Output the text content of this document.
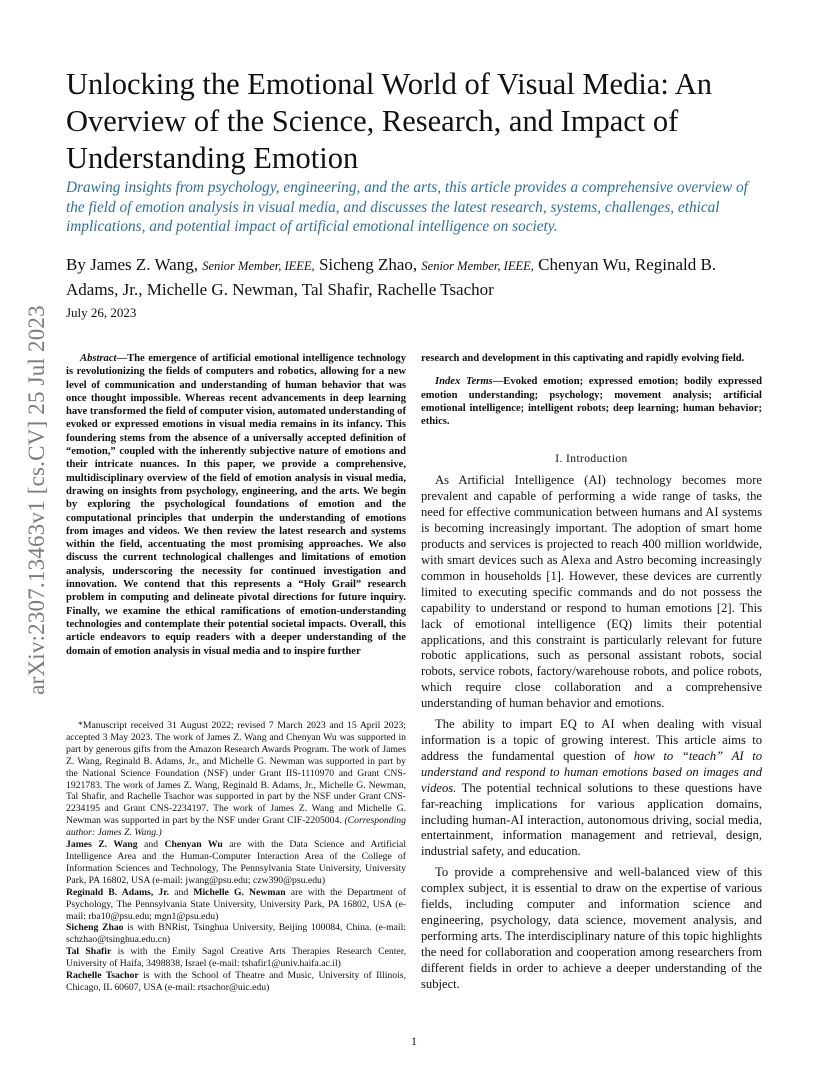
arXiv:2307.13463v1 [cs.CV] 25 Jul 2023
Unlocking the Emotional World of Visual Media: An Overview of the Science, Research, and Impact of Understanding Emotion

Drawing insights from psychology, engineering, and the arts, this article provides a comprehensive overview of the field of emotion analysis in visual media, and discusses the latest research, systems, challenges, ethical implications, and potential impact of artificial emotional intelligence on society.

By James Z. Wang, Senior Member, IEEE, Sicheng Zhao, Senior Member, IEEE, Chenyan Wu, Reginald B. Adams, Jr., Michelle G. Newman, Tal Shafir, Rachelle Tsachor

July 26, 2023

Abstract—The emergence of artificial emotional intelligence technology is revolutionizing the fields of computers and robotics, allowing for a new level of communication and understanding of human behavior that was once thought impossible. Whereas recent advancements in deep learning have transformed the field of computer vision, automated understanding of evoked or expressed emotions in visual media remains in its infancy. This foundering stems from the absence of a universally accepted definition of “emotion,” coupled with the inherently subjective nature of emotions and their intricate nuances. In this paper, we provide a comprehensive, multidisciplinary overview of the field of emotion analysis in visual media, drawing on insights from psychology, engineering, and the arts. We begin by exploring the psychological foundations of emotion and the computational principles that underpin the understanding of emotions from images and videos. We then review the latest research and systems within the field, accentuating the most promising approaches. We also discuss the current technological challenges and limitations of emotion analysis, underscoring the necessity for continued investigation and innovation. We contend that this represents a “Holy Grail” research problem in computing and delineate pivotal directions for future inquiry. Finally, we examine the ethical ramifications of emotion-understanding technologies and contemplate their potential societal impacts. Overall, this article endeavors to equip readers with a deeper understanding of the domain of emotion analysis in visual media and to inspire further

*Manuscript received 31 August 2022; revised 7 March 2023 and 15 April 2023; accepted 3 May 2023. The work of James Z. Wang and Chenyan Wu was supported in part by generous gifts from the Amazon Research Awards Program. The work of James Z. Wang, Reginald B. Adams, Jr., and Michelle G. Newman was supported in part by the National Science Foundation (NSF) under Grant IIS-1110970 and Grant CNS-1921783. The work of James Z. Wang, Reginald B. Adams, Jr., Michelle G. Newman, Tal Shafir, and Rachelle Tsachor was supported in part by the NSF under Grant CNS-2234195 and Grant CNS-2234197. The work of James Z. Wang and Michelle G. Newman was supported in part by the NSF under Grant CIF-2205004. (Corresponding author: James Z. Wang.)

James Z. Wang and Chenyan Wu are with the Data Science and Artificial Intelligence Area and the Human-Computer Interaction Area of the College of Information Sciences and Technology, The Pennsylvania State University, University Park, PA 16802, USA (e-mail: jwang@psu.edu; czw390@psu.edu)

Reginald B. Adams, Jr. and Michelle G. Newman are with the Department of Psychology, The Pennsylvania State University, University Park, PA 16802, USA (e-mail: rba10@psu.edu; mgn1@psu.edu)

Sicheng Zhao is with BNRist, Tsinghua University, Beijing 100084, China. (e-mail: schzhao@tsinghua.edu.cn)

Tal Shafir is with the Emily Sagol Creative Arts Therapies Research Center, University of Haifa, 3498838, Israel (e-mail: tshafir1@univ.haifa.ac.il)

Rachelle Tsachor is with the School of Theatre and Music, University of Illinois, Chicago, IL 60607, USA (e-mail: rtsachor@uic.edu)

research and development in this captivating and rapidly evolving field.

Index Terms—Evoked emotion; expressed emotion; bodily expressed emotion understanding; psychology; movement analysis; artificial emotional intelligence; intelligent robots; deep learning; human behavior; ethics.

I. Introduction

As Artificial Intelligence (AI) technology becomes more prevalent and capable of performing a wide range of tasks, the need for effective communication between humans and AI systems is becoming increasingly important. The adoption of smart home products and services is projected to reach 400 million worldwide, with smart devices such as Alexa and Astro becoming increasingly common in households [1]. However, these devices are currently limited to executing specific commands and do not possess the capability to understand or respond to human emotions [2]. This lack of emotional intelligence (EQ) limits their potential applications, and this constraint is particularly relevant for future robotic applications, such as personal assistant robots, social robots, service robots, factory/warehouse robots, and police robots, which require close collaboration and a comprehensive understanding of human behavior and emotions.

The ability to impart EQ to AI when dealing with visual information is a topic of growing interest. This article aims to address the fundamental question of how to “teach” AI to understand and respond to human emotions based on images and videos. The potential technical solutions to these questions have far-reaching implications for various application domains, including human-AI interaction, autonomous driving, social media, entertainment, information management and retrieval, design, industrial safety, and education.

To provide a comprehensive and well-balanced view of this complex subject, it is essential to draw on the expertise of various fields, including computer and information science and engineering, psychology, data science, movement analysis, and performing arts. The interdisciplinary nature of this topic highlights the need for collaboration and cooperation among researchers from different fields in order to achieve a deeper understanding of the subject.

1
